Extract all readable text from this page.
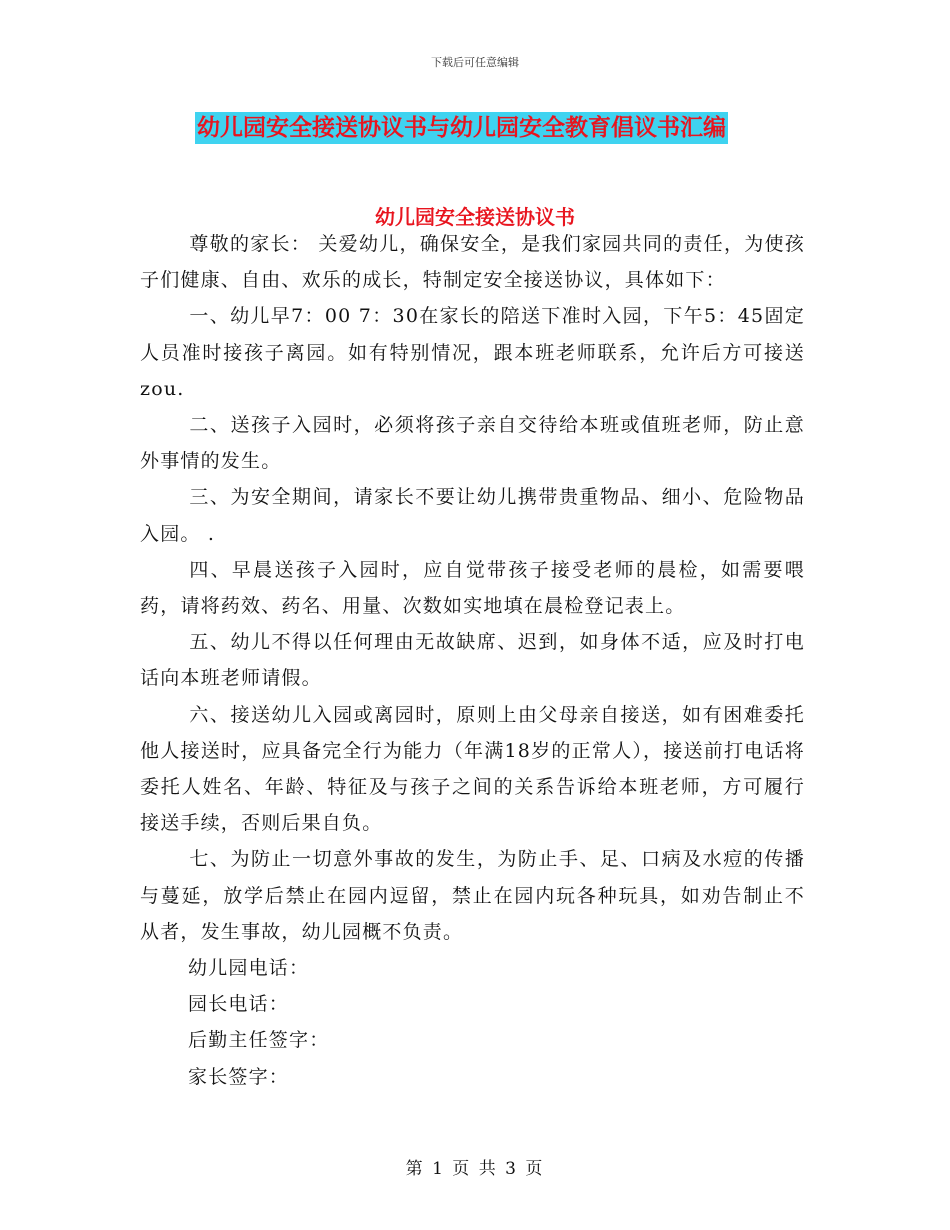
下载后可任意编辑
幼儿园安全接送协议书与幼儿园安全教育倡议书汇编
幼儿园安全接送协议书

尊敬的家长： 关爱幼儿，确保安全，是我们家园共同的责任，为使孩子们健康、自由、欢乐的成长，特制定安全接送协议，具体如下：

一、幼儿早7：00 7：30在家长的陪送下准时入园，下午5：45固定人员准时接孩子离园。如有特别情况，跟本班老师联系，允许后方可接送zou.

二、送孩子入园时，必须将孩子亲自交待给本班或值班老师，防止意外事情的发生。

三、为安全期间，请家长不要让幼儿携带贵重物品、细小、危险物品入园。 .

四、早晨送孩子入园时，应自觉带孩子接受老师的晨检，如需要喂药，请将药效、药名、用量、次数如实地填在晨检登记表上。

五、幼儿不得以任何理由无故缺席、迟到，如身体不适，应及时打电话向本班老师请假。

六、接送幼儿入园或离园时，原则上由父母亲自接送，如有困难委托他人接送时，应具备完全行为能力（年满18岁的正常人），接送前打电话将委托人姓名、年龄、特征及与孩子之间的关系告诉给本班老师，方可履行接送手续，否则后果自负。

七、为防止一切意外事故的发生，为防止手、足、口病及水痘的传播与蔓延，放学后禁止在园内逗留，禁止在园内玩各种玩具，如劝告制止不从者，发生事故，幼儿园概不负责。

幼儿园电话：

园长电话：

后勤主任签字：

家长签字：

第 1 页 共 3 页
